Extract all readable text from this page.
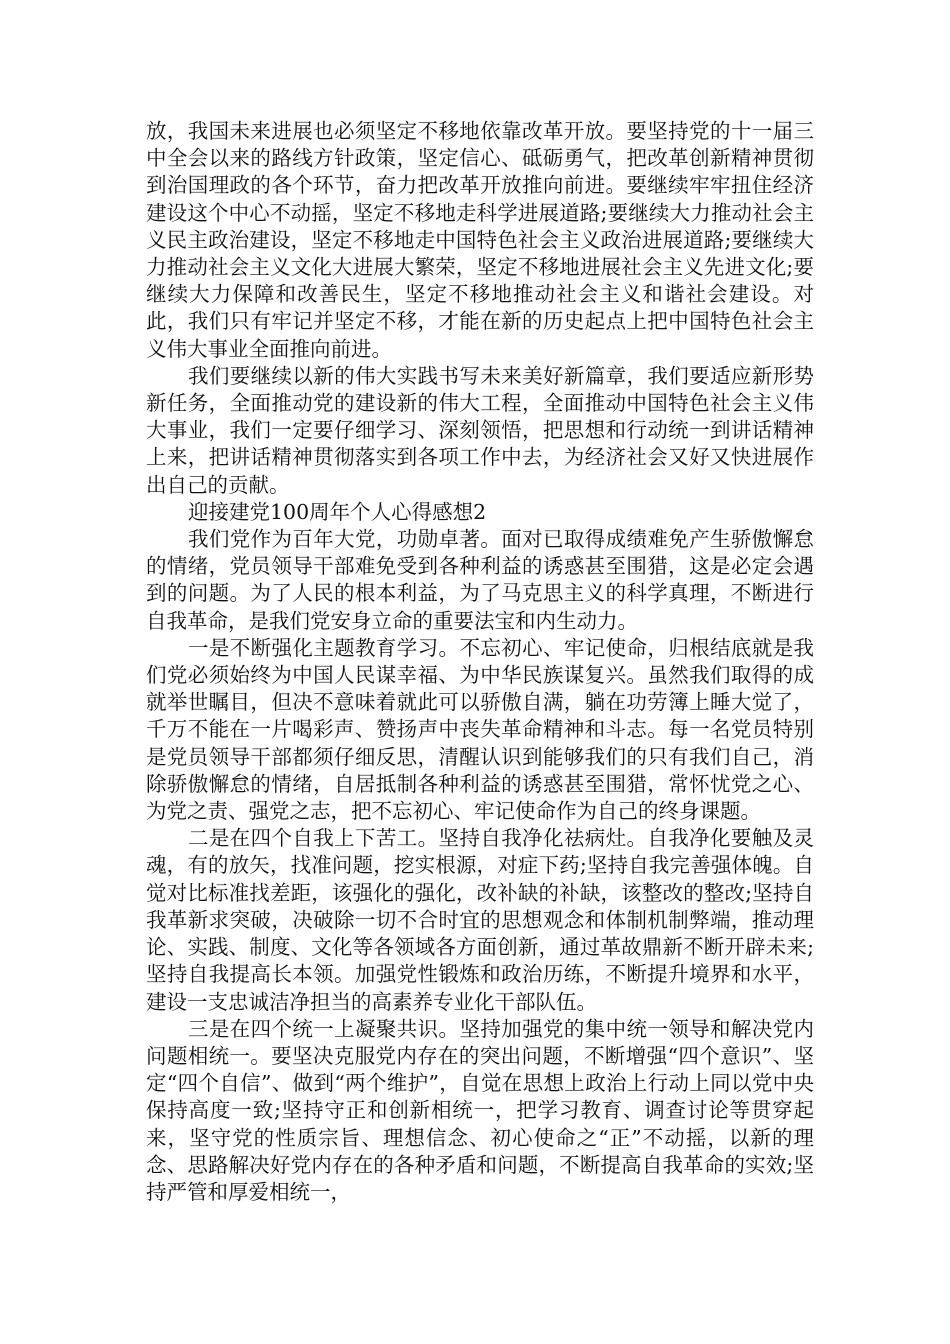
放，我国未来进展也必须坚定不移地依靠改革开放。要坚持党的十一届三中全会以来的路线方针政策，坚定信心、砥砺勇气，把改革创新精神贯彻到治国理政的各个环节，奋力把改革开放推向前进。要继续牢牢扭住经济建设这个中心不动摇，坚定不移地走科学进展道路;要继续大力推动社会主义民主政治建设，坚定不移地走中国特色社会主义政治进展道路;要继续大力推动社会主义文化大进展大繁荣，坚定不移地进展社会主义先进文化;要继续大力保障和改善民生，坚定不移地推动社会主义和谐社会建设。对此，我们只有牢记并坚定不移，才能在新的历史起点上把中国特色社会主义伟大事业全面推向前进。

我们要继续以新的伟大实践书写未来美好新篇章，我们要适应新形势新任务，全面推动党的建设新的伟大工程，全面推动中国特色社会主义伟大事业，我们一定要仔细学习、深刻领悟，把思想和行动统一到讲话精神上来，把讲话精神贯彻落实到各项工作中去，为经济社会又好又快进展作出自己的贡献。

迎接建党100周年个人心得感想2

我们党作为百年大党，功勋卓著。面对已取得成绩难免产生骄傲懈怠的情绪，党员领导干部难免受到各种利益的诱惑甚至围猎，这是必定会遇到的问题。为了人民的根本利益，为了马克思主义的科学真理，不断进行自我革命，是我们党安身立命的重要法宝和内生动力。

一是不断强化主题教育学习。不忘初心、牢记使命，归根结底就是我们党必须始终为中国人民谋幸福、为中华民族谋复兴。虽然我们取得的成就举世瞩目，但决不意味着就此可以骄傲自满，躺在功劳簿上睡大觉了，千万不能在一片喝彩声、赞扬声中丧失革命精神和斗志。每一名党员特别是党员领导干部都须仔细反思，清醒认识到能够我们的只有我们自己，消除骄傲懈怠的情绪，自居抵制各种利益的诱惑甚至围猎，常怀忧党之心、为党之责、强党之志，把不忘初心、牢记使命作为自己的终身课题。

二是在四个自我上下苦工。坚持自我净化祛病灶。自我净化要触及灵魂，有的放矢，找准问题，挖实根源，对症下药;坚持自我完善强体魄。自觉对比标准找差距，该强化的强化，改补缺的补缺，该整改的整改;坚持自我革新求突破，决破除一切不合时宜的思想观念和体制机制弊端，推动理论、实践、制度、文化等各领域各方面创新，通过革故鼎新不断开辟未来;坚持自我提高长本领。加强党性锻炼和政治历练，不断提升境界和水平，建设一支忠诚洁净担当的高素养专业化干部队伍。

三是在四个统一上凝聚共识。坚持加强党的集中统一领导和解决党内问题相统一。要坚决克服党内存在的突出问题，不断增强“四个意识”、坚定“四个自信”、做到“两个维护”，自觉在思想上政治上行动上同以党中央保持高度一致;坚持守正和创新相统一，把学习教育、调查讨论等贯穿起来，坚守党的性质宗旨、理想信念、初心使命之“正”不动摇，以新的理念、思路解决好党内存在的各种矛盾和问题，不断提高自我革命的实效;坚持严管和厚爱相统一，
